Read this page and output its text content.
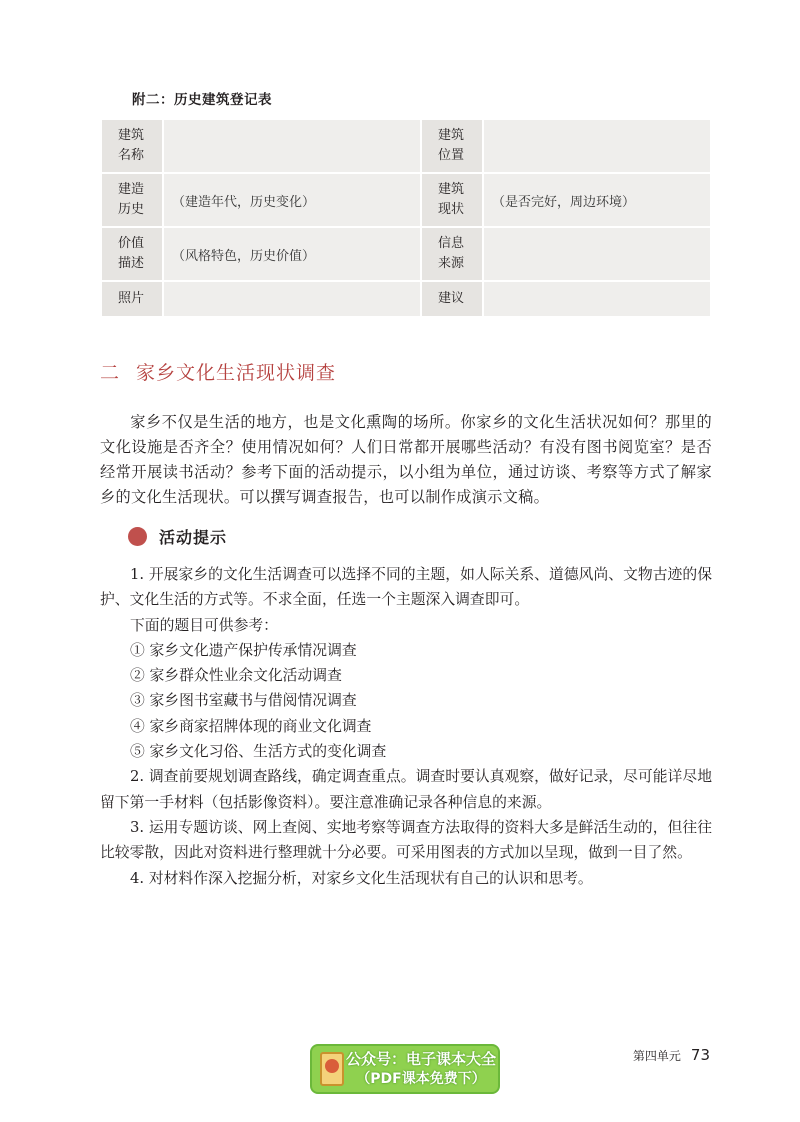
附二：历史建筑登记表
建筑名称		建筑位置	

建造历史	（建造年代，历史变化）	建筑现状	（是否完好，周边环境）

价值描述	（风格特色，历史价值）	信息来源	

照片		建议	

二 家乡文化生活现状调查

家乡不仅是生活的地方，也是文化熏陶的场所。你家乡的文化生活状况如何？那里的文化设施是否齐全？使用情况如何？人们日常都开展哪些活动？有没有图书阅览室？是否经常开展读书活动？参考下面的活动提示，以小组为单位，通过访谈、考察等方式了解家乡的文化生活现状。可以撰写调查报告，也可以制作成演示文稿。

活动提示

1. 开展家乡的文化生活调查可以选择不同的主题，如人际关系、道德风尚、文物古迹的保护、文化生活的方式等。不求全面，任选一个主题深入调查即可。

下面的题目可供参考：

① 家乡文化遗产保护传承情况调查

② 家乡群众性业余文化活动调查

③ 家乡图书室藏书与借阅情况调查

④ 家乡商家招牌体现的商业文化调查

⑤ 家乡文化习俗、生活方式的变化调查

2. 调查前要规划调查路线，确定调查重点。调查时要认真观察，做好记录，尽可能详尽地留下第一手材料（包括影像资料）。要注意准确记录各种信息的来源。

3. 运用专题访谈、网上查阅、实地考察等调查方法取得的资料大多是鲜活生动的，但往往比较零散，因此对资料进行整理就十分必要。可采用图表的方式加以呈现，做到一目了然。

4. 对材料作深入挖掘分析，对家乡文化生活现状有自己的认识和思考。

公众号：电子课本大全
（PDF课本免费下）
第四单元 73
